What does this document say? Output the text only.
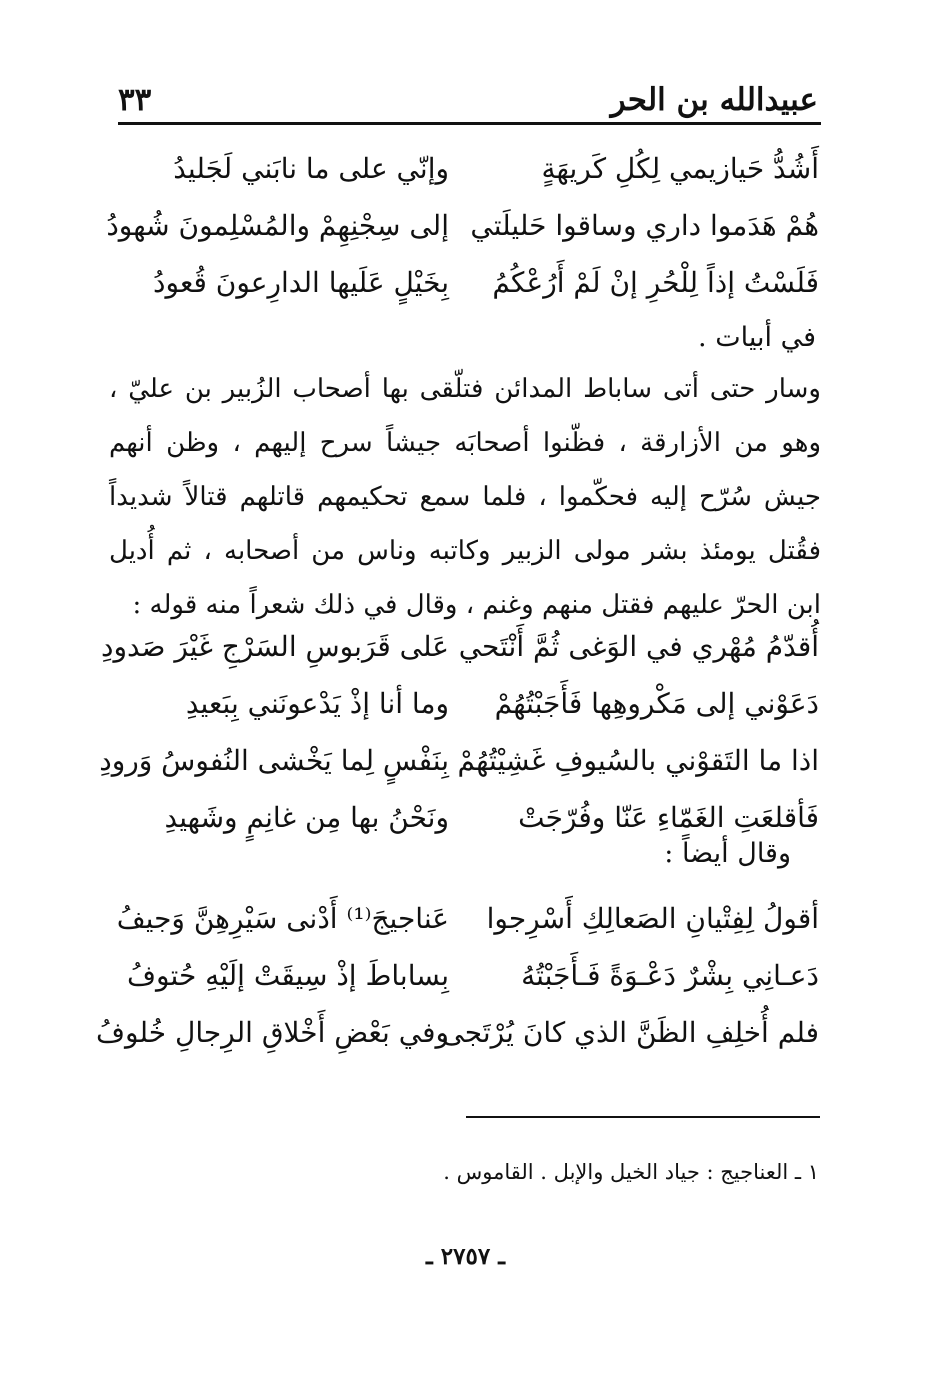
عبيدالله بن الحر
٣٣
أَشُدُّ حَيازيمي لِكُلِ كَريهَةٍ
وإنّي على ما نابَني لَجَليدُ
هُمْ هَدَموا داري وساقوا حَليلَتي
إلى سِجْنِهِمْ والمُسْلِمونَ شُهودُ
فَلَسْتُ إذاً لِلْحُرِ إنْ لَمْ أَرُعْكُمُ
بِخَيْلٍ عَلَيها الدارِعونَ قُعودُ
في أبيات .

وسار حتى أتى ساباط المدائن فتلّقى بها أصحاب الزُبير بن عليّ ، وهو من الأزارقة ، فظّنوا أصحابَه جيشاً سرح إليهم ، وظن أنهم جيش سُرّح إليه فحكّموا ، فلما سمع تحكيمهم قاتلهم قتالاً شديداً فقُتل يومئذ بشر مولى الزبير وكاتبه وناس من أصحابه ، ثم أُديل ابن الحرّ عليهم فقتل منهم وغنم ، وقال في ذلك شعراً منه قوله :

أُقدّمُ مُهْري في الوَغى ثُمَّ أَنْتَحي
عَلى قَرَبوسِ السَرْجِ غَيْرَ صَدودِ
دَعَوْني إلى مَكْروهِها فَأَجَبْتُهُمْ
وما أنا إذْ يَدْعونَني بِبَعيدِ
اذا ما التَقوْني بالسُيوفِ غَشِيْتُهُمْ
بِنَفْسٍ لِما يَخْشى النُفوسُ وَرودِ
فَأقلعَتِ الغَمّاءِ عَنّا وفُرّجَتْ
ونَحْنُ بها مِن غانِمٍ وشَهيدِ
وقال أيضاً :
أقولُ لِفِتْيانِ الصَعالِكِ أَسْرِجوا
عَناجيجَ⁽¹⁾ أَدْنى سَيْرِهِنَّ وَجيفُ
دَعـانِي بِشْرٌ دَعْـوَةً فَـأَجَبْتُهُ
بِساباطَ إذْ سِيقَتْ إلَيْهِ حُتوفُ
فلم أُخلِفِ الظَنَّ الذي كانَ يُرْتَجى
وفي بَعْضِ أَخْلاقِ الرِجالِ خُلوفُ
١ ـ العناجيج : جياد الخيل والإبل . القاموس .
ـ ٢٧٥٧ ـ
